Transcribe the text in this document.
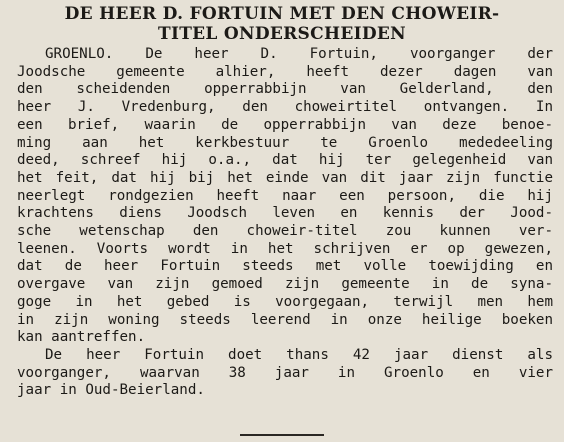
DE HEER D. FORTUIN MET DEN CHOWEIR-
TITEL ONDERSCHEIDEN
GROENLO. De heer D. Fortuin, voorganger der
Joodsche gemeente alhier, heeft dezer dagen van
den scheidenden opperrabbijn van Gelderland, den
heer J. Vredenburg, den choweirtitel ontvangen. In
een brief, waarin de opperrabbijn van deze benoe-
ming aan het kerkbestuur te Groenlo mededeeling
deed, schreef hij o.a., dat hij ter gelegenheid van
het feit, dat hij bij het einde van dit jaar zijn functie
neerlegt rondgezien heeft naar een persoon, die hij
krachtens diens Joodsch leven en kennis der Jood-
sche wetenschap den choweir-titel zou kunnen ver-
leenen. Voorts wordt in het schrijven er op gewezen,
dat de heer Fortuin steeds met volle toewijding en
overgave van zijn gemoed zijn gemeente in de syna-
goge in het gebed is voorgegaan, terwijl men hem
in zijn woning steeds leerend in onze heilige boeken
kan aantreffen.
De heer Fortuin doet thans 42 jaar dienst als
voorganger, waarvan 38 jaar in Groenlo en vier
jaar in Oud-Beierland.
